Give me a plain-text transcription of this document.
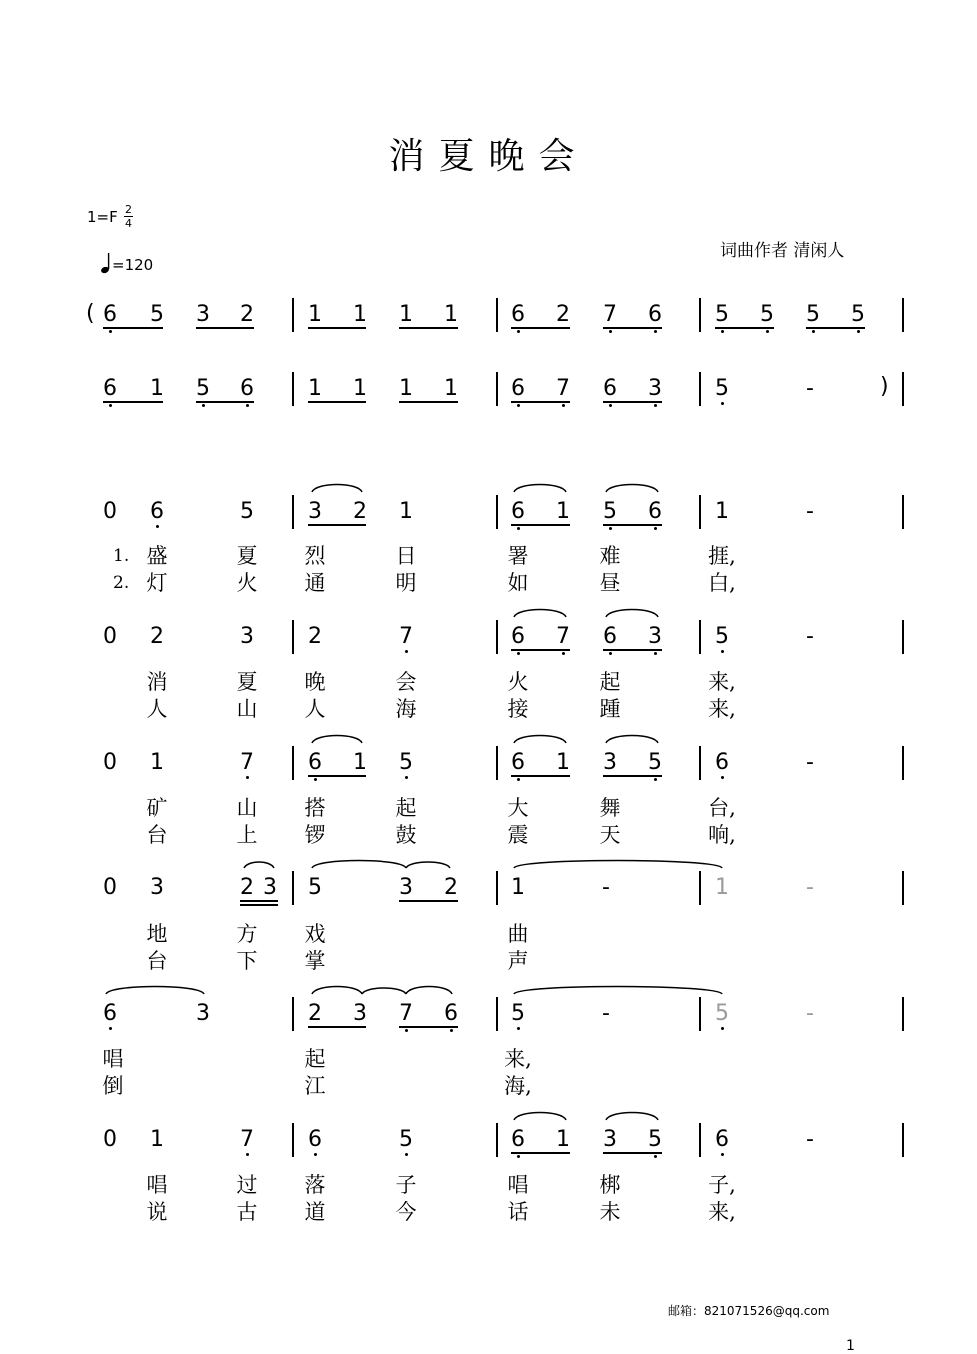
消夏晚会
1=F 2
4
=120
词曲作者 清闲人
邮箱：821071526@qq.com
1
6 5 3 2 1 1 1 1 6 2 7 6 5 5 5 5
6 1 5 6 1 1 1 1 6 7 6 3 5	-
0 6	5 3 2 1	6 1 5 6 1	-
0 2	3 2	7	6 7 6 3 5	-
0 1	7 6 1 5	6 1 3 5 6	-
0 3	2 3 5	3 2 1	-	1	-
6	3	2 3 7 6 5	-	5	-
0 1	7 6	5	6 1 3 5 6	-
(
)
盛	夏 烈	日	署	难	捱,
灯	火 通	明	如	昼	白,
消	夏 晚	会	火	起	来,
人	山 人	海	接	踵	来,
矿	山 搭	起	大	舞	台,
台	上 锣	鼓	震	天	响,
地	方 戏	曲
台	下 掌	声
唱	起	来,
倒	江	海,
唱	过 落	子	唱	梆	子,
说	古 道	今	话	未	来,
1.
2.
